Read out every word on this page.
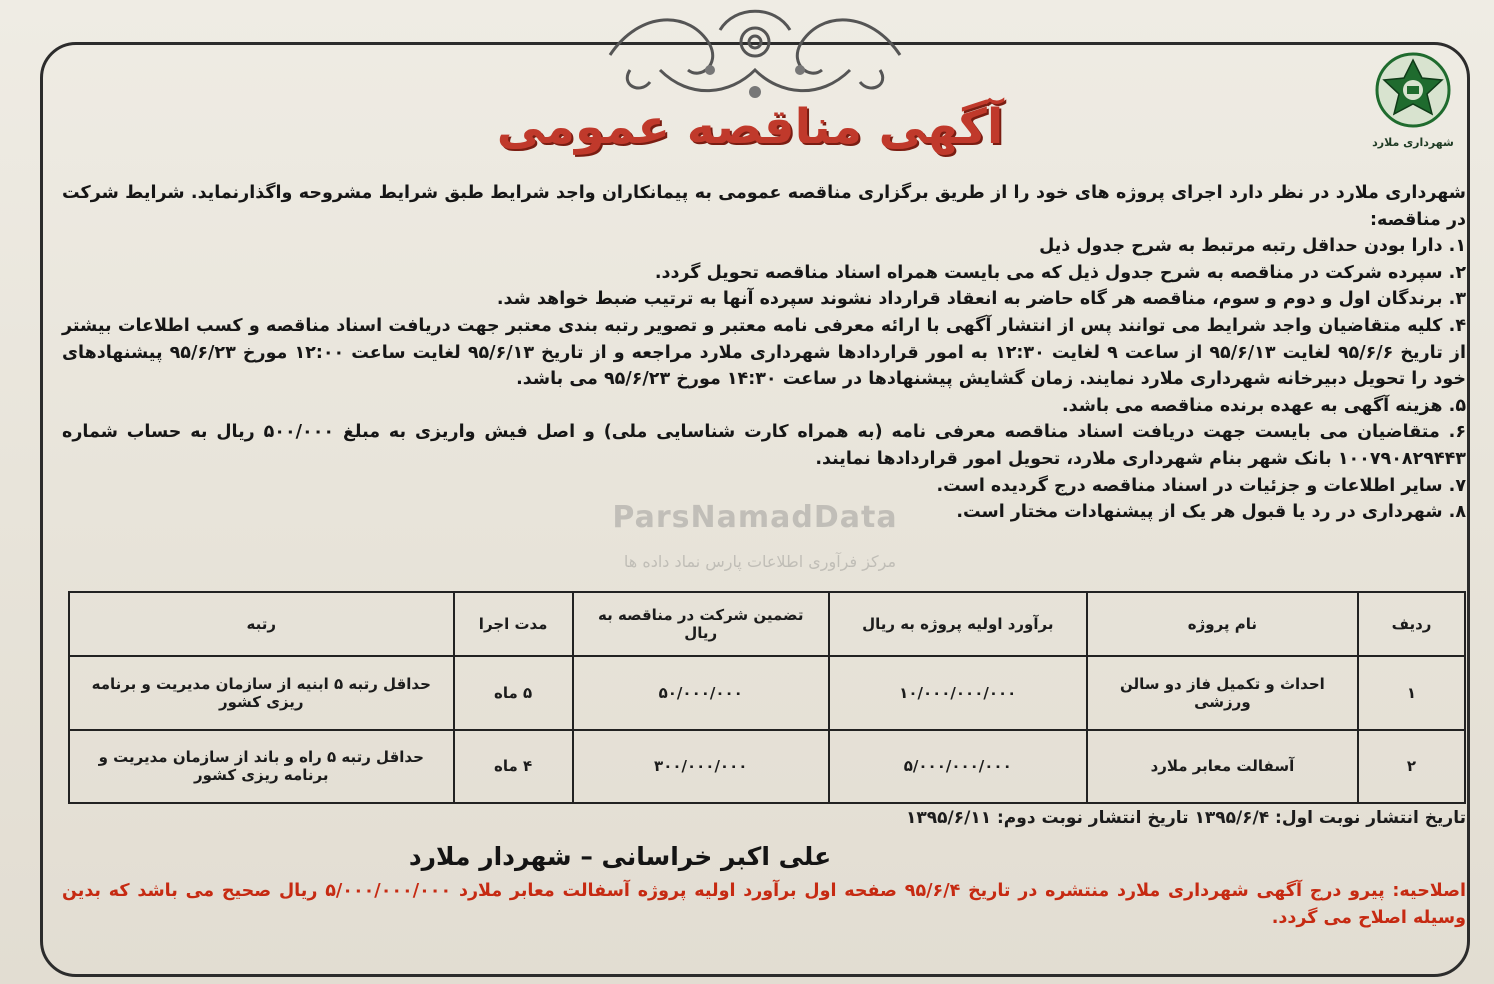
شهرداری ملارد
آگهی مناقصه عمومی

شهرداری ملارد در نظر دارد اجرای پروژه های خود را از طریق برگزاری مناقصه عمومی به پیمانکاران واجد شرایط طبق شرایط مشروحه واگذارنماید. شرایط شرکت در مناقصه:

۱. دارا بودن حداقل رتبه مرتبط به شرح جدول ذیل

۲. سپرده شرکت در مناقصه به شرح جدول ذیل که می بایست همراه اسناد مناقصه تحویل گردد.

۳. برندگان اول و دوم و سوم، مناقصه هر گاه حاضر به انعقاد قرارداد نشوند سپرده آنها به ترتیب ضبط خواهد شد.

۴. کلیه متقاضیان واجد شرایط می توانند پس از انتشار آگهی با ارائه معرفی نامه معتبر و تصویر رتبه بندی معتبر جهت دریافت اسناد مناقصه و کسب اطلاعات بیشتر از تاریخ ۹۵/۶/۶ لغایت ۹۵/۶/۱۳ از ساعت ۹ لغایت ۱۲:۳۰ به امور قراردادها شهرداری ملارد مراجعه و از تاریخ ۹۵/۶/۱۳ لغایت ساعت ۱۲:۰۰ مورخ ۹۵/۶/۲۳ پیشنهادهای خود را تحویل دبیرخانه شهرداری ملارد نمایند. زمان گشایش پیشنهادها در ساعت ۱۴:۳۰ مورخ ۹۵/۶/۲۳ می باشد.

۵. هزینه آگهی به عهده برنده مناقصه می باشد.

۶. متقاضیان می بایست جهت دریافت اسناد مناقصه معرفی نامه (به همراه کارت شناسایی ملی) و اصل فیش واریزی به مبلغ ۵۰۰/۰۰۰ ریال به حساب شماره ۱۰۰۷۹۰۸۲۹۴۴۳ بانک شهر بنام شهرداری ملارد، تحویل امور قراردادها نمایند.

۷. سایر اطلاعات و جزئیات در اسناد مناقصه درج گردیده است.

۸. شهرداری در رد یا قبول هر یک از پیشنهادات مختار است.

ParsNamadData
مرکز فرآوری اطلاعات پارس نماد داده ها
ردیف	نام پروژه	برآورد اولیه پروژه به ریال	تضمین شرکت در مناقصه به ریال	مدت اجرا	رتبه
۱	احداث و تکمیل فاز دو سالن ورزشی	۱۰/۰۰۰/۰۰۰/۰۰۰	۵۰/۰۰۰/۰۰۰	۵ ماه	حداقل رتبه ۵ ابنیه از سازمان مدیریت و برنامه ریزی کشور
۲	آسفالت معابر ملارد	۵/۰۰۰/۰۰۰/۰۰۰	۳۰۰/۰۰۰/۰۰۰	۴ ماه	حداقل رتبه ۵ راه و باند از سازمان مدیریت و برنامه ریزی کشور
تاریخ انتشار نوبت اول: ۱۳۹۵/۶/۴ تاریخ انتشار نوبت دوم: ۱۳۹۵/۶/۱۱
علی اکبر خراسانی – شهردار ملارد
اصلاحیه: پیرو درج آگهی شهرداری ملارد منتشره در تاریخ ۹۵/۶/۴ صفحه اول برآورد اولیه پروژه آسفالت معابر ملارد ۵/۰۰۰/۰۰۰/۰۰۰ ریال صحیح می باشد که بدین وسیله اصلاح می گردد.
